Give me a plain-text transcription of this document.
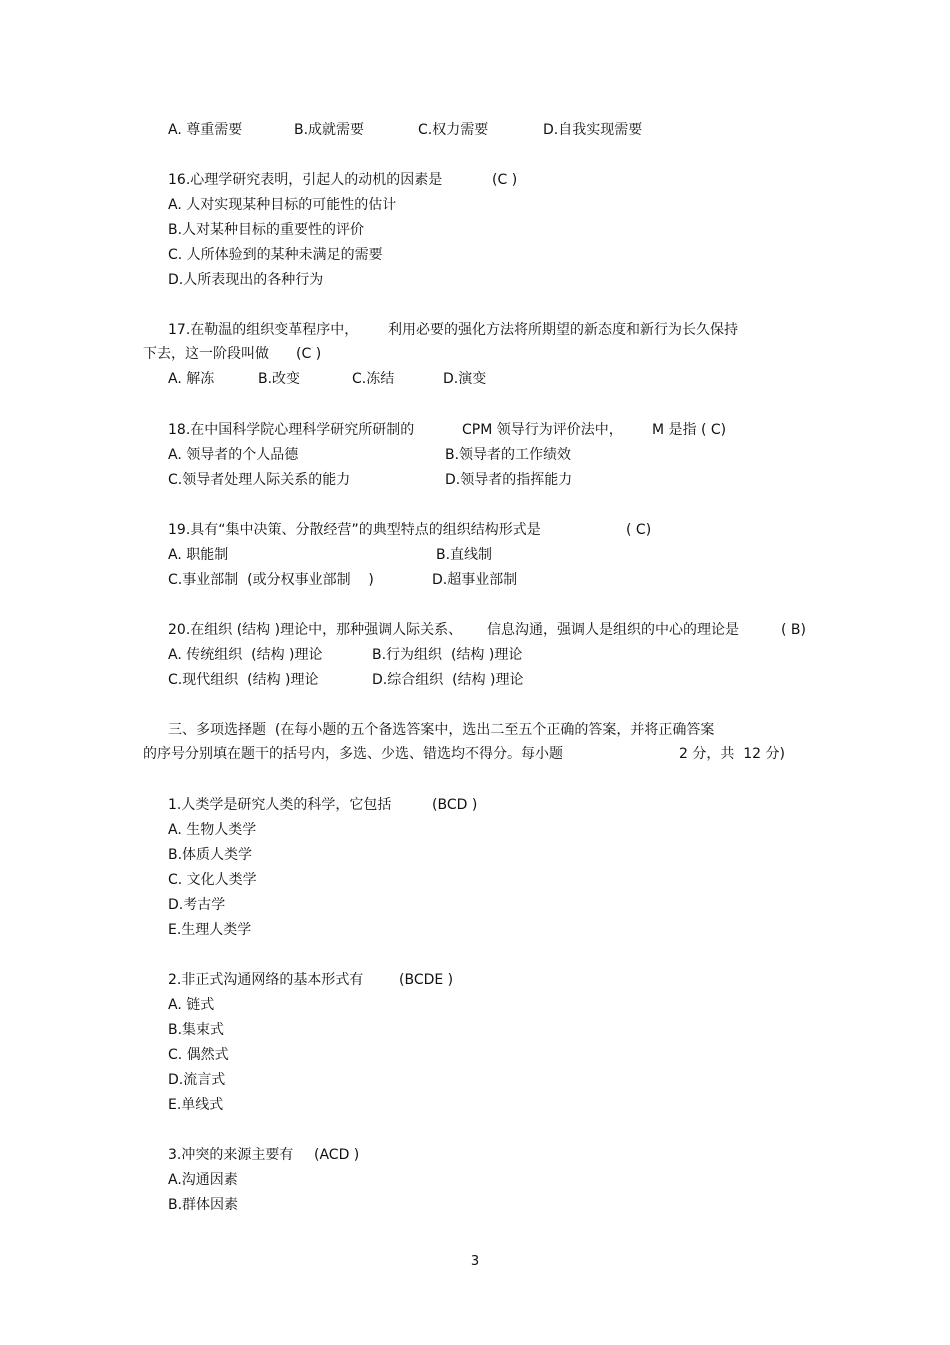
A. 尊重需要	B.成就需要	C.权力需要	D.自我实现需要
16.心理学研究表明，引起人的动机的因素是	(C )
A. 人对实现某种目标的可能性的估计
B.人对某种目标的重要性的评价
C. 人所体验到的某种未满足的需要
D.人所表现出的各种行为
17.在勒温的组织变革程序中， 利用必要的强化方法将所期望的新态度和新行为长久保持
下去，这一阶段叫做 (C )
A. 解冻	B.改变	C.冻结	D.演变
18.在中国科学院心理科学研究所研制的	CPM 领导行为评价法中， M 是指 ( C)
A. 领导者的个人品德	B.领导者的工作绩效
C.领导者处理人际关系的能力	D.领导者的指挥能力
19.具有“集中决策、分散经营”的典型特点的组织结构形式是	( C)
A. 职能制	B.直线制
C.事业部制  (或分权事业部制    )	D.超事业部制
20.在组织 (结构 )理论中，那种强调人际关系、 信息沟通，强调人是组织的中心的理论是	( B)
A. 传统组织  (结构 )理论	B.行为组织  (结构 )理论
C.现代组织  (结构 )理论	D.综合组织  (结构 )理论
三、多项选择题  (在每小题的五个备选答案中，选出二至五个正确的答案，并将正确答案
的序号分别填在题干的括号内，多选、少选、错选均不得分。每小题	2 分，共  12 分)
1.人类学是研究人类的科学，它包括	(BCD )
A. 生物人类学
B.体质人类学
C. 文化人类学
D.考古学
E.生理人类学
2.非正式沟通网络的基本形式有	(BCDE )
A. 链式
B.集束式
C. 偶然式
D.流言式
E.单线式
3.冲突的来源主要有 (ACD )
A.沟通因素
B.群体因素
3
